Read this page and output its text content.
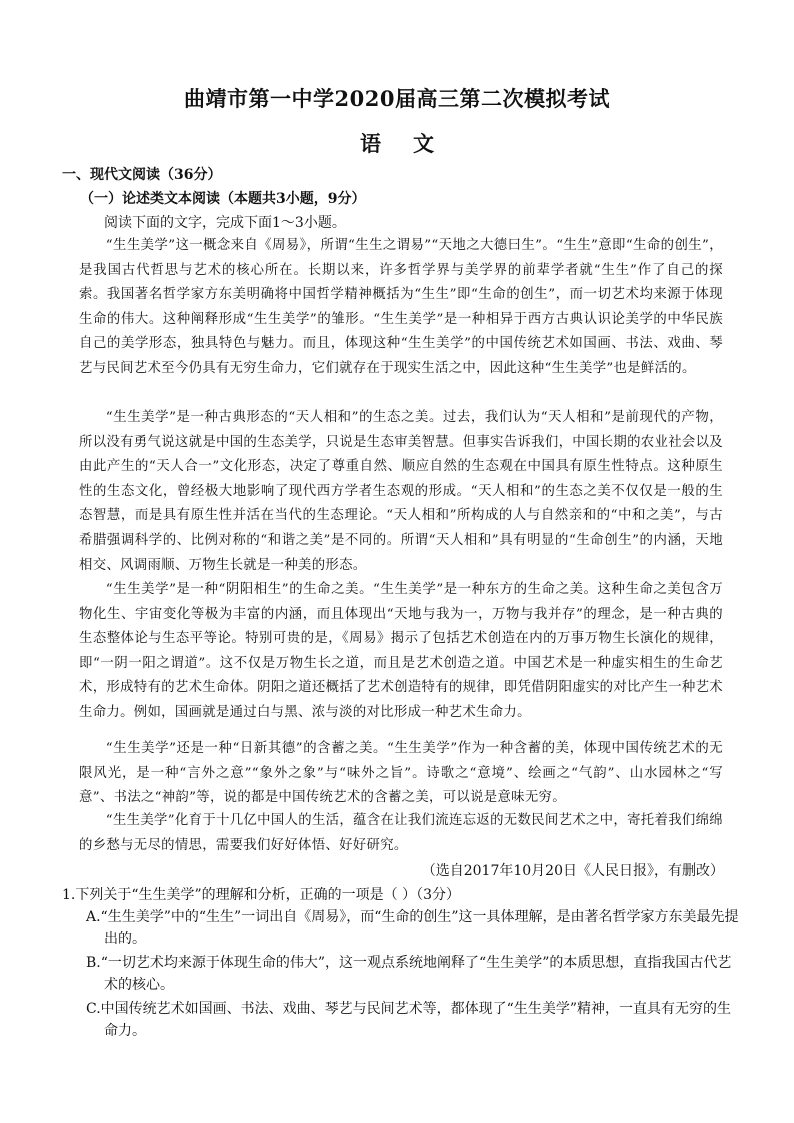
曲靖市第一中学2020届高三第二次模拟考试
语 文
一、现代文阅读（36分）
（一）论述类文本阅读（本题共3小题，9分）
阅读下面的文字，完成下面1～3小题。
“生生美学”这一概念来自《周易》，所谓“生生之谓易”“天地之大德曰生”。“生生”意即“生命的创生”，是我国古代哲思与艺术的核心所在。长期以来，许多哲学界与美学界的前辈学者就“生生”作了自己的探索。我国著名哲学家方东美明确将中国哲学精神概括为“生生”即“生命的创生”，而一切艺术均来源于体现生命的伟大。这种阐释形成“生生美学”的雏形。“生生美学”是一种相异于西方古典认识论美学的中华民族自己的美学形态，独具特色与魅力。而且，体现这种“生生美学”的中国传统艺术如国画、书法、戏曲、琴艺与民间艺术至今仍具有无穷生命力，它们就存在于现实生活之中，因此这种“生生美学”也是鲜活的。
“生生美学”是一种古典形态的“天人相和”的生态之美。过去，我们认为“天人相和”是前现代的产物，所以没有勇气说这就是中国的生态美学，只说是生态审美智慧。但事实告诉我们，中国长期的农业社会以及由此产生的“天人合一”文化形态，决定了尊重自然、顺应自然的生态观在中国具有原生性特点。这种原生性的生态文化，曾经极大地影响了现代西方学者生态观的形成。“天人相和”的生态之美不仅仅是一般的生态智慧，而是具有原生性并活在当代的生态理论。“天人相和”所构成的人与自然亲和的“中和之美”，与古希腊强调科学的、比例对称的“和谐之美”是不同的。所谓“天人相和”具有明显的“生命创生”的内涵，天地相交、风调雨顺、万物生长就是一种美的形态。
“生生美学”是一种“阴阳相生”的生命之美。“生生美学”是一种东方的生命之美。这种生命之美包含万物化生、宇宙变化等极为丰富的内涵，而且体现出“天地与我为一，万物与我并存”的理念，是一种古典的生态整体论与生态平等论。特别可贵的是，《周易》揭示了包括艺术创造在内的万事万物生长演化的规律，即“一阴一阳之谓道”。这不仅是万物生长之道，而且是艺术创造之道。中国艺术是一种虚实相生的生命艺术，形成特有的艺术生命体。阴阳之道还概括了艺术创造特有的规律，即凭借阴阳虚实的对比产生一种艺术生命力。例如，国画就是通过白与黑、浓与淡的对比形成一种艺术生命力。
“生生美学”还是一种“日新其德”的含蓄之美。“生生美学”作为一种含蓄的美，体现中国传统艺术的无限风光，是一种“言外之意”“象外之象”与“味外之旨”。诗歌之“意境”、绘画之“气韵”、山水园林之“写意”、书法之“神韵”等，说的都是中国传统艺术的含蓄之美，可以说是意味无穷。
“生生美学”化育于十几亿中国人的生活，蕴含在让我们流连忘返的无数民间艺术之中，寄托着我们绵绵的乡愁与无尽的情思，需要我们好好体悟、好好研究。
（选自2017年10月20日《人民日报》，有删改）
1.下列关于“生生美学”的理解和分析，正确的一项是（ ）（3分）
A.“生生美学”中的“生生”一词出自《周易》，而“生命的创生”这一具体理解，是由著名哲学家方东美最先提出的。
B.“一切艺术均来源于体现生命的伟大”，这一观点系统地阐释了“生生美学”的本质思想，直指我国古代艺术的核心。
C.中国传统艺术如国画、书法、戏曲、琴艺与民间艺术等，都体现了“生生美学”精神，一直具有无穷的生命力。
